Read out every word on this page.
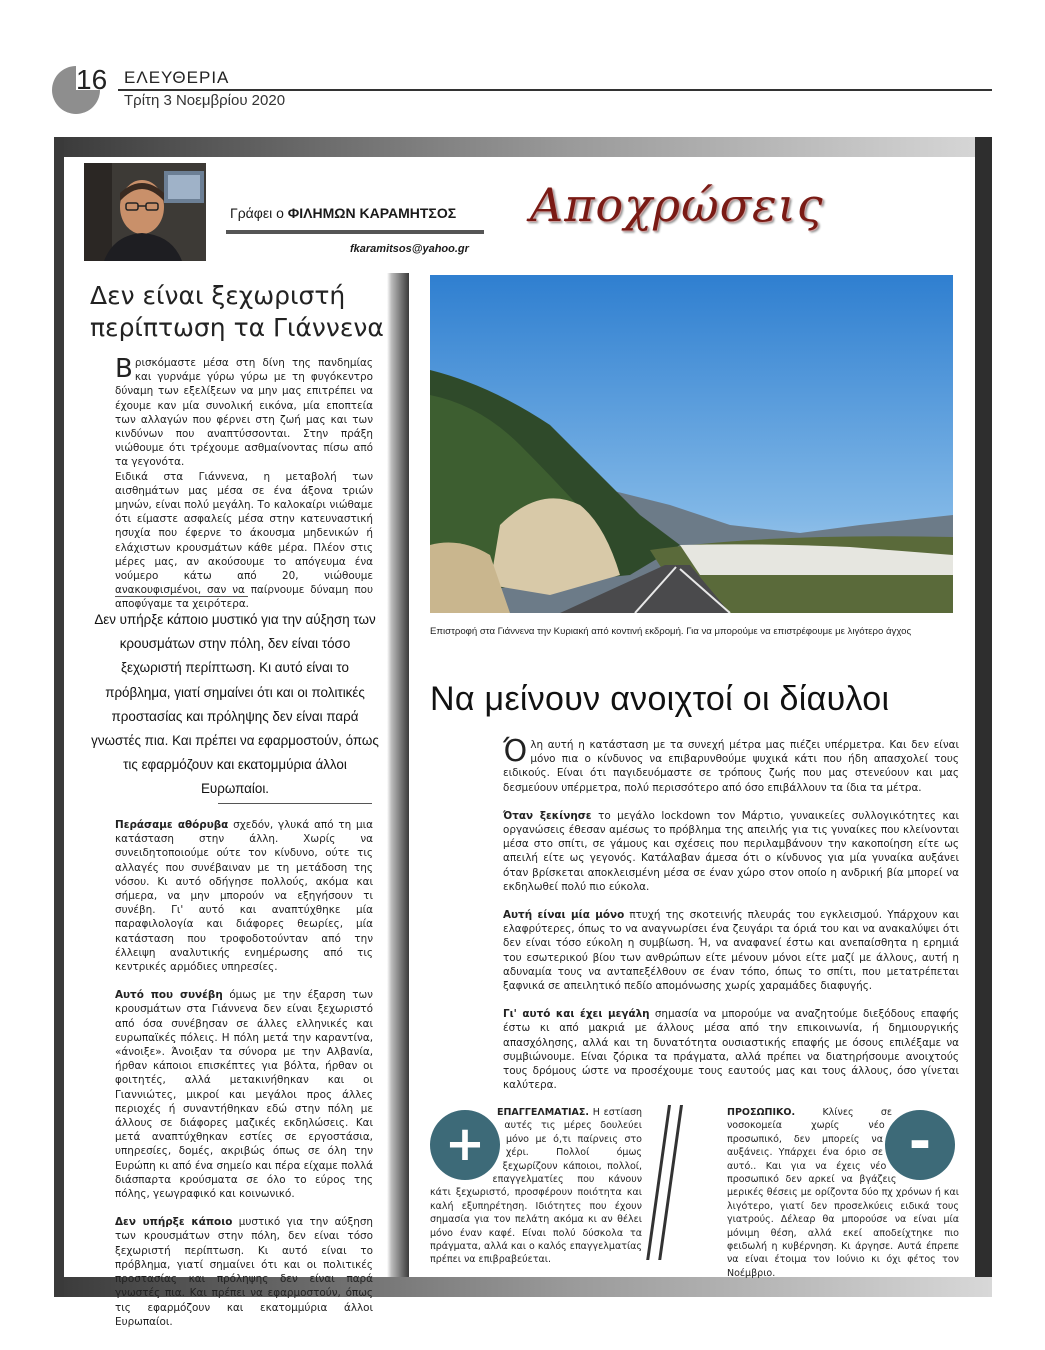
16 ΕΛΕΥΘΕΡΙΑ
Τρίτη 3 Νοεμβρίου 2020
Γράφει ο ΦΙΛΗΜΩΝ ΚΑΡΑΜΗΤΣΟΣ
fkaramitsos@yahoo.gr
Αποχρώσεις
Δεν είναι ξεχωριστή περίπτωση τα Γιάννενα
Βρισκόμαστε μέσα στη δίνη της πανδημίας και γυρνάμε γύρω γύρω με τη φυγόκεντρο δύναμη των εξελίξεων να μην μας επιτρέπει να έχουμε καν μία συνολική εικόνα, μία εποπτεία των αλλαγών που φέρνει στη ζωή μας και των κινδύνων που αναπτύσσονται. Στην πράξη νιώθουμε ότι τρέχουμε ασθμαίνοντας πίσω από τα γεγονότα.

Ειδικά στα Γιάννενα, η μεταβολή των αισθημάτων μας μέσα σε ένα άξονα τριών μηνών, είναι πολύ μεγάλη. Το καλοκαίρι νιώθαμε ότι είμαστε ασφαλείς μέσα στην κατευναστική ησυχία που έφερνε το άκουσμα μηδενικών ή ελάχιστων κρουσμάτων κάθε μέρα. Πλέον στις μέρες μας, αν ακούσουμε το απόγευμα ένα νούμερο κάτω από 20, νιώθουμε ανακουφισμένοι, σαν να παίρνουμε δύναμη που απoφύγαμε τα χειρότερα.

Δεν υπήρξε κάποιο μυστικό για την αύξηση των κρουσμάτων στην πόλη, δεν είναι τόσο ξεχωριστή περίπτωση. Κι αυτό είναι το πρόβλημα, γιατί σημαίνει ότι και οι πολιτικές προστασίας και πρόληψης δεν είναι παρά γνωστές πια. Και πρέπει να εφαρμοστούν, όπως τις εφαρμόζουν και εκατομμύρια άλλοι Ευρωπαίοι.

Περάσαμε αθόρυβα σχεδόν, γλυκά από τη μια κατάσταση στην άλλη. Χωρίς να συνειδητοποιούμε ούτε τον κίνδυνο, ούτε τις αλλαγές που συνέβαιναν με τη μετάδοση της νόσου. Κι αυτό οδήγησε πολλούς, ακόμα και σήμερα, να μην μπορούν να εξηγήσουν τι συνέβη. Γι' αυτό και αναπτύχθηκε μία παραφιλολογία και διάφορες θεωρίες, μία κατάσταση που τροφοδοτούνταν από την έλλειψη αναλυτικής ενημέρωσης από τις κεντρικές αρμόδιες υπηρεσίες.

Αυτό που συνέβη όμως με την έξαρση των κρουσμάτων στα Γιάννενα δεν είναι ξεχωριστό από όσα συνέβησαν σε άλλες ελληνικές και ευρωπαϊκές πόλεις. Η πόλη μετά την καραντίνα, «άνοιξε». Άνοιξαν τα σύνορα με την Αλβανία, ήρθαν κάποιοι επισκέπτες για βόλτα, ήρθαν οι φοιτητές, αλλά μετακινήθηκαν και οι Γιαννιώτες, μικροί και μεγάλοι προς άλλες περιοχές ή συναντήθηκαν εδώ στην πόλη με άλλους σε διάφορες μαζικές εκδηλώσεις. Και μετά αναπτύχθηκαν εστίες σε εργοστάσια, υπηρεσίες, δομές, ακριβώς όπως σε όλη την Ευρώπη κι από ένα σημείο και πέρα είχαμε πολλά διάσπαρτα κρούσματα σε όλο το εύρος της πόλης, γεωγραφικό και κοινωνικό.

Δεν υπήρξε κάποιο μυστικό για την αύξηση των κρουσμάτων στην πόλη, δεν είναι τόσο ξεχωριστή περίπτωση. Κι αυτό είναι το πρόβλημα, γιατί σημαίνει ότι και οι πολιτικές προστασίας και πρόληψης δεν είναι παρά γνωστές πια. Και πρέπει να εφαρμοστούν, όπως τις εφαρμόζουν και εκατομμύρια άλλοι Ευρωπαίοι.

Επιστροφή στα Γιάννενα την Κυριακή από κοντινή εκδρομή. Για να μπορούμε να επιστρέφουμε με λιγότερο άγχος
Να μείνουν ανοιχτοί οι δίαυλοι

Όλη αυτή η κατάσταση με τα συνεχή μέτρα μας πιέζει υπέρμετρα. Και δεν είναι μόνο πια ο κίνδυνος να επιβαρυνθούμε ψυχικά κάτι που ήδη απασχολεί τους ειδικούς. Είναι ότι παγιδευόμαστε σε τρόπους ζωής που μας στενεύουν και μας δεσμεύουν υπέρμετρα, πολύ περισσότερο από όσο επιβάλλουν τα ίδια τα μέτρα.

Όταν ξεκίνησε το μεγάλο lockdown τον Μάρτιο, γυναικείες συλλογικότητες και οργανώσεις έθεσαν αμέσως το πρόβλημα της απειλής για τις γυναίκες που κλείνονται μέσα στο σπίτι, σε γάμους και σχέσεις που περιλαμβάνουν την κακοποίηση είτε ως απειλή είτε ως γεγονός. Κατάλαβαν άμεσα ότι ο κίνδυνος για μία γυναίκα αυξάνει όταν βρίσκεται αποκλεισμένη μέσα σε έναν χώρο στον οποίο η ανδρική βία μπορεί να εκδηλωθεί πολύ πιο εύκολα.

Αυτή είναι μία μόνο πτυχή της σκοτεινής πλευράς του εγκλεισμού. Υπάρχουν και ελαφρύτερες, όπως το να αναγνωρίσει ένα ζευγάρι τα όριά του και να ανακαλύψει ότι δεν είναι τόσο εύκολη η συμβίωση. Ή, να αναφανεί έστω και ανεπαίσθητα η ερημιά του εσωτερικού βίου των ανθρώπων είτε μένουν μόνοι είτε μαζί με άλλους, αυτή η αδυναμία τους να ανταπεξέλθουν σε έναν τόπο, όπως το σπίτι, που μετατρέπεται ξαφνικά σε απειλητικό πεδίο απομόνωσης χωρίς χαραμάδες διαφυγής.

Γι' αυτό και έχει μεγάλη σημασία να μπορούμε να αναζητούμε διεξόδους επαφής έστω κι από μακριά με άλλους μέσα από την επικοινωνία, ή δημιουργικής απασχόλησης, αλλά και τη δυνατότητα ουσιαστικής επαφής με όσους επιλέξαμε να συμβιώνουμε. Είναι ζόρικα τα πράγματα, αλλά πρέπει να διατηρήσουμε ανοιχτούς τους δρόμους ώστε να προσέχουμε τους εαυτούς μας και τους άλλους, όσο γίνεται καλύτερα.

+
ΕΠΑΓΓΕΛΜΑΤΙΑΣ. Η εστίαση αυτές τις μέρες δουλεύει μόνο με ό,τι παίρνεις στο χέρι. Πολλοί όμως ξεχωρίζουν κάποιοι, πολλοί, επαγγελματίες που κάνουν κάτι ξεχωριστό, προσφέρουν ποιότητα και καλή εξυπηρέτηση. Ιδιότητες που έχουν σημασία για τον πελάτη ακόμα κι αν θέλει μόνο έναν καφέ. Είναι πολύ δύσκολα τα πράγματα, αλλά και ο καλός επαγγελματίας πρέπει να επιβραβεύεται.
-
ΠΡΟΣΩΠΙΚΟ. Κλίνες σε νοσοκομεία χωρίς νέο προσωπικό, δεν μπορείς να αυξάνεις. Υπάρχει ένα όριο σε αυτό.. Και για να έχεις νέο προσωπικό δεν αρκεί να βγάζεις μερικές θέσεις με ορίζοντα δύο πχ χρόνων ή και λιγότερο, γιατί δεν προσελκύεις ειδικά τους γιατρούς. Δέλεαρ θα μπορούσε να είναι μία μόνιμη θέση, αλλά εκεί αποδείχτηκε πιο φειδωλή η κυβέρνηση. Κι άργησε. Αυτά έπρεπε να είναι έτοιμα τον Ιούνιο κι όχι φέτος τον Νοέμβριο.
